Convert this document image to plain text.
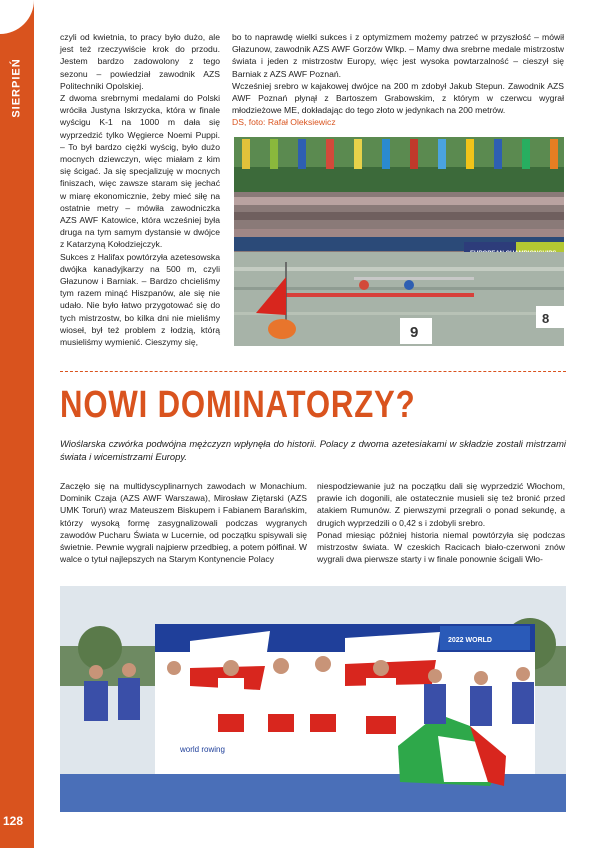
SIERPIEŃ
128

czyli od kwietnia, to pracy było dużo, ale jest też rzeczywiście krok do przodu. Jestem bardzo zadowolony z tego sezonu – powiedział zawodnik AZS Politechniki Opolskiej.

Z dwoma srebrnymi medalami do Polski wróciła Justyna Iskrzycka, która w finale wyścigu K-1 na 1000 m dała się wyprzedzić tylko Węgierce Noemi Puppi. – To był bardzo ciężki wyścig, było dużo mocnych dziewczyn, więc miałam z kim się ścigać. Ja się specjalizuję w mocnych finiszach, więc zawsze staram się jechać w miarę ekonomicznie, żeby mieć siłę na ostatnie metry – mówiła zawodniczka AZS AWF Katowice, która wcześniej była druga na tym samym dystansie w dwójce z Katarzyną Kołodziejczyk.

Sukces z Halifax powtórzyła azetesowska dwójka kanadyjkarzy na 500 m, czyli Głazunow i Barniak. – Bardzo chcieliśmy tym razem minąć Hiszpanów, ale się nie udało. Nie było łatwo przygotować się do tych mistrzostw, bo kilka dni nie mieliśmy wioseł, był też problem z łodzią, którą musieliśmy wymienić. Cieszymy się,

bo to naprawdę wielki sukces i z optymizmem możemy patrzeć w przyszłość – mówił Głazunow, zawodnik AZS AWF Gorzów Wlkp. – Mamy dwa srebrne medale mistrzostw świata i jeden z mistrzostw Europy, więc jest wysoka powtarzalność – cieszył się Barniak z AZS AWF Poznań.

Wcześniej srebro w kajakowej dwójce na 200 m zdobył Jakub Stepun. Zawodnik AZS AWF Poznań płynął z Bartoszem Grabowskim, z którym w czerwcu wygrał młodzieżowe ME, dokładając do tego złoto w jedynkach na 200 metrów.

DS, foto: Rafał Oleksiewicz

9
8
NOWI DOMINATORZY?
Wioślarska czwórka podwójna mężczyzn wpłynęła do historii. Polacy z dwoma azetesiakami w składzie zostali mistrzami świata i wicemistrzami Europy.

Zaczęło się na multidyscyplinarnych zawodach w Monachium. Dominik Czaja (AZS AWF Warszawa), Mirosław Ziętarski (AZS UMK Toruń) wraz Mateuszem Biskupem i Fabianem Barańskim, którzy wysoką formę zasygnalizowali podczas wygranych zawodów Pucharu Świata w Lucernie, od początku spisywali się świetnie. Pewnie wygrali najpierw przedbieg, a potem półfinał. W walce o tytuł najlepszych na Starym Kontynencie Polacy

niespodziewanie już na początku dali się wyprzedzić Włochom, prawie ich dogonili, ale ostatecznie musieli się też bronić przed atakiem Rumunów. Z pierwszymi przegrali o ponad sekundę, a drugich wyprzedzili o 0,42 s i zdobyli srebro.

Ponad miesiąc później historia niemal powtórzyła się podczas mistrzostw świata. W czeskich Racicach biało-czerwoni znów wygrali dwa pierwsze starty i w finale ponownie ścigali Wło-

2022 WORLD
world rowing
